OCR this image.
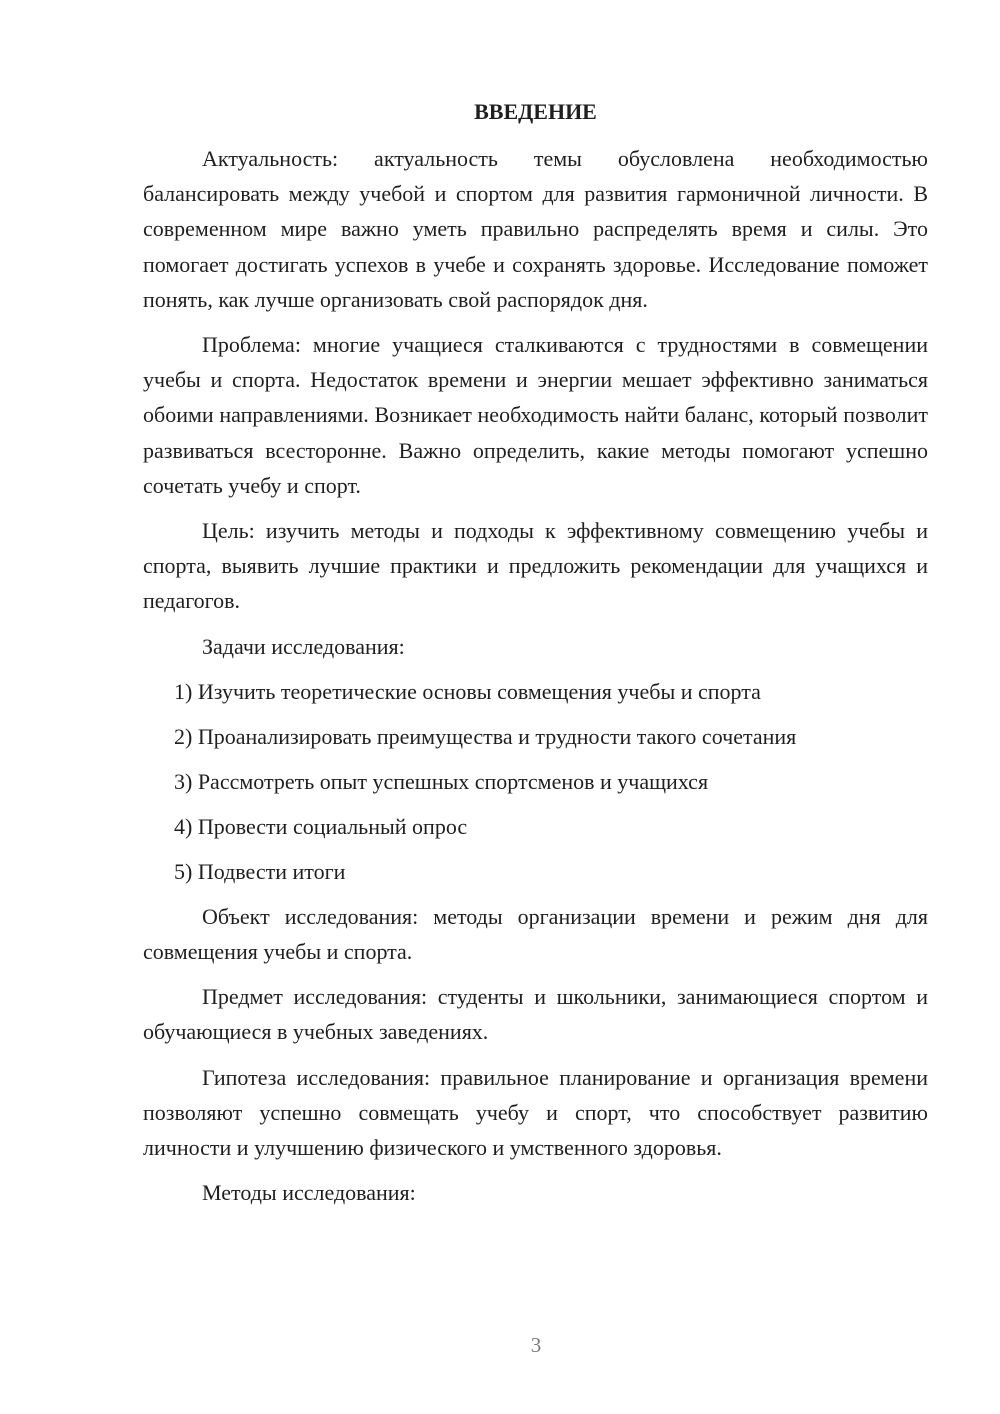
ВВЕДЕНИЕ

Актуальность: актуальность темы обусловлена необходимостью балансировать между учебой и спортом для развития гармоничной личности. В современном мире важно уметь правильно распределять время и силы. Это помогает достигать успехов в учебе и сохранять здоровье. Исследование поможет понять, как лучше организовать свой распорядок дня.

Проблема: многие учащиеся сталкиваются с трудностями в совмещении учебы и спорта. Недостаток времени и энергии мешает эффективно заниматься обоими направлениями. Возникает необходимость найти баланс, который позволит развиваться всесторонне. Важно определить, какие методы помогают успешно сочетать учебу и спорт.

Цель: изучить методы и подходы к эффективному совмещению учебы и спорта, выявить лучшие практики и предложить рекомендации для учащихся и педагогов.

Задачи исследования:

1) Изучить теоретические основы совмещения учебы и спорта
2) Проанализировать преимущества и трудности такого сочетания
3) Рассмотреть опыт успешных спортсменов и учащихся
4) Провести социальный опрос
5) Подвести итоги

Объект исследования: методы организации времени и режим дня для совмещения учебы и спорта.

Предмет исследования: студенты и школьники, занимающиеся спортом и обучающиеся в учебных заведениях.

Гипотеза исследования: правильное планирование и организация времени позволяют успешно совмещать учебу и спорт, что способствует развитию личности и улучшению физического и умственного здоровья.

Методы исследования:

3
